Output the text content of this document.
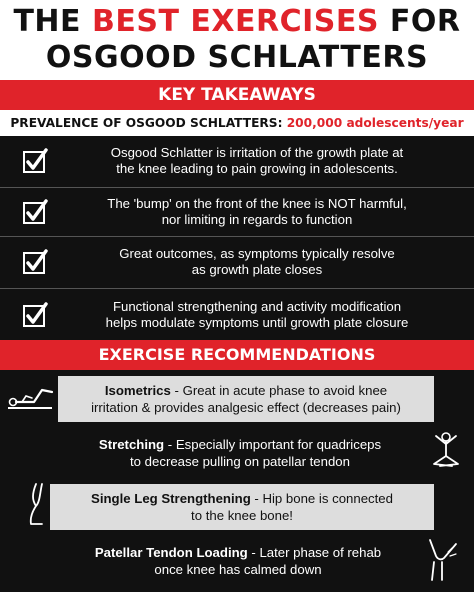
THE BEST EXERCISES FOR
OSGOOD SCHLATTERS
KEY TAKEAWAYS
PREVALENCE OF OSGOOD SCHLATTERS: 200,000 adolescents/year
Osgood Schlatter is irritation of the growth plate at
the knee leading to pain growing in adolescents.
The 'bump' on the front of the knee is NOT harmful,
nor limiting in regards to function
Great outcomes, as symptoms typically resolve
as growth plate closes
Functional strengthening and activity modification
helps modulate symptoms until growth plate closure
EXERCISE RECOMMENDATIONS
Isometrics - Great in acute phase to avoid knee
irritation & provides analgesic effect (decreases pain)
Stretching - Especially important for quadriceps
to decrease pulling on patellar tendon
Single Leg Strengthening - Hip bone is connected
to the knee bone!
Patellar Tendon Loading - Later phase of rehab
once knee has calmed down
